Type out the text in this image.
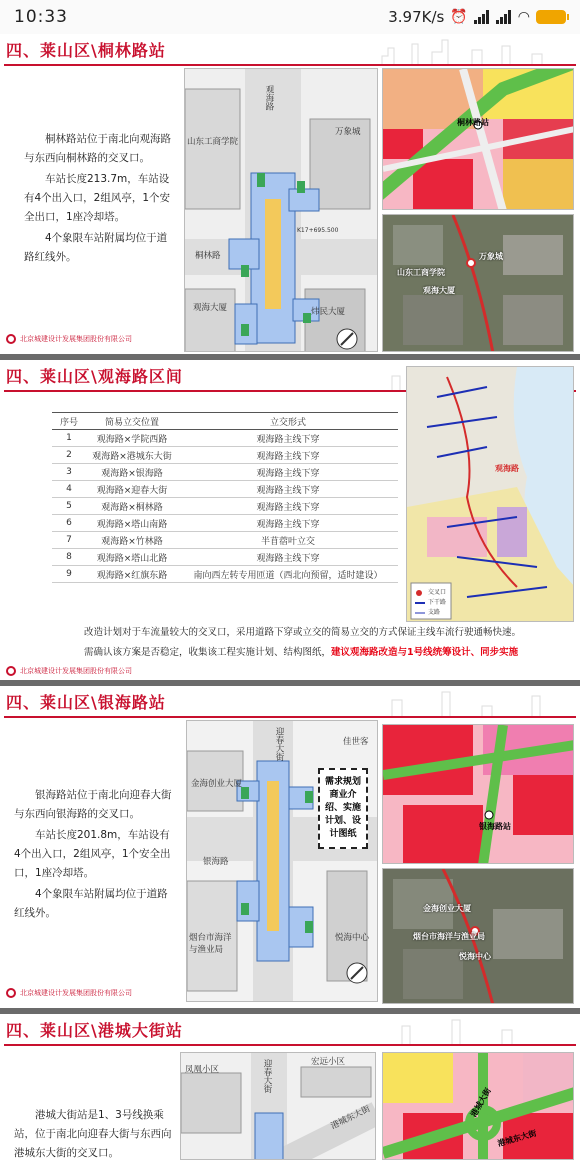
10:33	3.97K/s ⏰	◠
四、莱山区\桐林路站

桐林路站位于南北向观海路与东西向桐林路的交叉口。

车站长度213.7m，车站设有4个出入口，2组风亭，1个安全出口，1座冷却塔。

4个象限车站附属均位于道路红线外。

观海路
山东工商学院
万象城
桐林路
观海大厦	炜民大厦
K17+695.500
桐林路站
万象城
山东工商学院
观海大厦
北京城建设计发展集团股份有限公司
四、莱山区\观海路区间
序号	简易立交位置	立交形式
1	观海路×学院西路	观海路主线下穿
2	观海路×港城东大街	观海路主线下穿
3	观海路×银海路	观海路主线下穿
4	观海路×迎春大街	观海路主线下穿
5	观海路×桐林路	观海路主线下穿
6	观海路×塔山南路	观海路主线下穿
7	观海路×竹林路	半苜蓿叶立交
8	观海路×塔山北路	观海路主线下穿
9	观海路×红旗东路	南向西左转专用匝道（西北向预留，适时建设）
观海路
交叉口
下干路
支路
改造计划对于车流量较大的交叉口，采用道路下穿或立交的简易立交的方式保证主线车流行驶通畅快速。
需确认该方案是否稳定，收集该工程实施计划、结构图纸，建议观海路改造与1号线统筹设计、同步实施
北京城建设计发展集团股份有限公司
四、莱山区\银海路站

银海路站位于南北向迎春大街与东西向银海路的交叉口。

车站长度201.8m，车站设有4个出入口，2组风亭，1个安全出口，1座冷却塔。

4个象限车站附属均位于道路红线外。

迎春大街
金海创业大厦
佳世客
银海路
烟台市海洋与渔业局
悦海中心
需求规划商业介绍、实施计划、设计图纸
银海路站
金海创业大厦
烟台市海洋与渔业局
悦海中心
北京城建设计发展集团股份有限公司
四、莱山区\港城大街站

港城大街站是1、3号线换乘站，位于南北向迎春大街与东西向港城东大街的交叉口。

凤凰小区
宏远小区
迎春大街
港城东大街	港城大街
港城东大街
